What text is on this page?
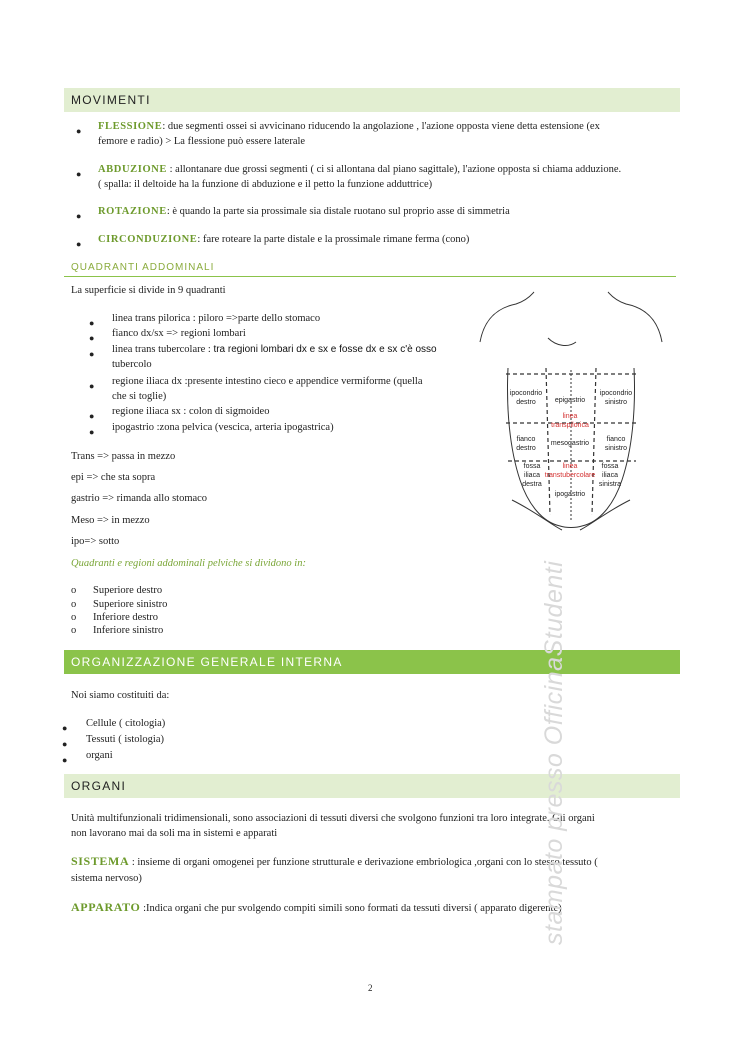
MOVIMENTI
● FLESSIONE: due segmenti ossei si avvicinano riducendo la angolazione , l'azione opposta viene detta estensione (ex
femore e radio) > La flessione può essere laterale
● ABDUZIONE : allontanare due grossi segmenti ( ci si allontana dal piano sagittale), l'azione opposta si chiama adduzione.
( spalla: il deltoide ha la funzione di abduzione e il petto la funzione adduttrice)
● ROTAZIONE: è quando la parte sia prossimale sia distale ruotano sul proprio asse di simmetria
● CIRCONDUZIONE: fare roteare la parte distale e la prossimale rimane ferma (cono)
QUADRANTI ADDOMINALI
La superficie si divide in 9 quadranti
● linea trans pilorica : piloro =>parte dello stomaco
● fianco dx/sx => regioni lombari
● linea trans tubercolare : tra regioni lombari dx e sx e fosse dx e sx c'è osso
tubercolo
● regione iliaca dx :presente intestino cieco e appendice vermiforme (quella
che si toglie)
● regione iliaca sx : colon di sigmoideo
● ipogastrio :zona pelvica (vescica, arteria ipogastrica)
Trans => passa in mezzo
epi => che sta sopra
gastrio => rimanda allo stomaco
Meso => in mezzo
ipo=> sotto
Quadranti e regioni addominali pelviche si dividono in:
o Superiore destro
o Superiore sinistro
o Inferiore destro
o Inferiore sinistro
ipocondrio destro	epigastrio
ipocondrio sinistro
linea transpilorica
fianco destro
mesogastrio
fianco sinistro
fossa iliaca destra
linea transtubercolare
fossa iliaca sinistra
ipogastrio
ORGANIZZAZIONE GENERALE INTERNA
Noi siamo costituiti da:
● Cellule ( citologia)
● Tessuti ( istologia)
● organi
ORGANI
Unità multifunzionali tridimensionali, sono associazioni di tessuti diversi che svolgono funzioni tra loro integrate. Gli organi
non lavorano mai da soli ma in sistemi e apparati
SISTEMA : insieme di organi omogenei per funzione strutturale e derivazione embriologica ,organi con lo stesso tessuto (
sistema nervoso)
APPARATO :Indica organi che pur svolgendo compiti simili sono formati da tessuti diversi ( apparato digerente)
stampato presso OfficinaStudenti
2
